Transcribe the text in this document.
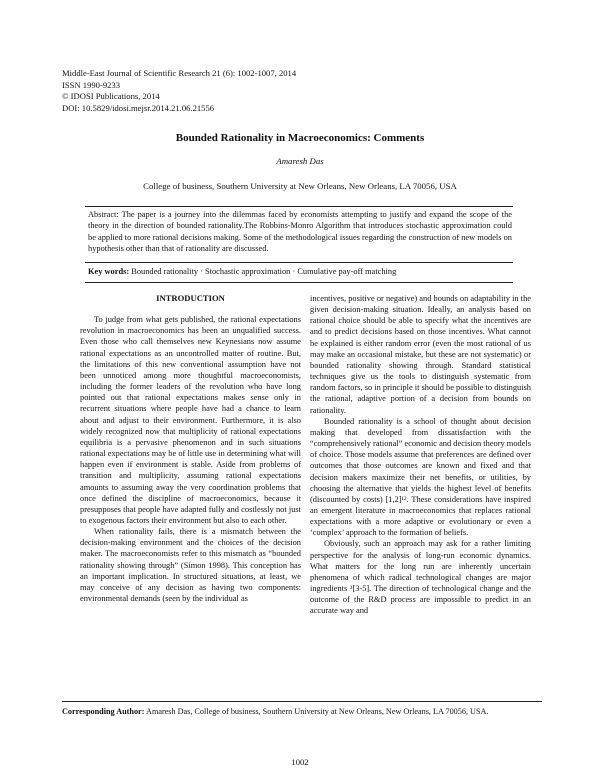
Middle-East Journal of Scientific Research 21 (6): 1002-1007, 2014
ISSN 1990-9233
© IDOSI Publications, 2014
DOI: 10.5829/idosi.mejsr.2014.21.06.21556
Bounded Rationality in Macroeconomics: Comments
Amaresh Das
College of business, Southern University at New Orleans, New Orleans, LA 70056, USA
Abstract: The paper is a journey into the dilemmas faced by economists attempting to justify and expand the scope of the theory in the direction of bounded rationality.The Robbins-Monro Algorithm that introduces stochastic approximation could be applied to more rational decisions making. Some of the methodological issues regarding the construction of new models on hypothesis other than that of rationality are discussed.
Key words: Bounded rationality · Stochastic approximation · Cumulative pay-off matching
INTRODUCTION

To judge from what gets published, the rational expectations revolution in macroeconomics has been an unqualified success. Even those who call themselves new Keynesians now assume rational expectations as an uncontrolled matter of routine. But, the limitations of this new conventional assumption have not been unnoticed among more thoughtful macroeconomists, including the former leaders of the revolution who have long pointed out that rational expectations makes sense only in recurrent situations where people have had a chance to learn about and adjust to their environment. Furthermore, it is also widely recognized now that multiplicity of rational expectations equilibria is a pervasive phenomenon and in such situations rational expectations may be of little use in determining what will happen even if environment is stable. Aside from problems of transition and multiplicity, assuming rational expectations amounts to assuming away the very coordination problems that once defined the discipline of macroeconomics, because it presupposes that people have adapted fully and costlessly not just to exogenous factors their environment but also to each other.

When rationality fails, there is a mismatch between the decision-making environment and the choices of the decision maker. The macroeconomists refer to this mismatch as “bounded rationality showing through” (Simon 1998). This conception has an important implication. In structured situations, at least, we may conceive of any decision as having two components: environmental demands (seen by the individual as

incentives, positive or negative) and bounds on adaptability in the given decision-making situation. Ideally, an analysis based on rational choice should be able to specify what the incentives are and to predict decisions based on those incentives. What cannot be explained is either random error (even the most rational of us may make an occasional mistake, but these are not systematic) or bounded rationality showing through. Standard statistical techniques give us the tools to distinguish systematic from random factors, so in principle it should be possible to distinguish the rational, adaptive portion of a decision from bounds on rationality.

Bounded rationality is a school of thought about decision making that developed from dissatisfaction with the “comprehensively rational” economic and decision theory models of choice. Those models assume that preferences are defined over outcomes that those outcomes are known and fixed and that decision makers maximize their net benefits, or utilities, by choosing the alternative that yields the highest level of benefits (discounted by costs) [1,2]¹². These considerations have inspired an emergent literature in macroeconomics that replaces rational expectations with a more adaptive or evolutionary or even a ‘complex’ approach to the formation of beliefs.

Obviously, such an approach may ask for a rather limiting perspective for the analysis of long-run economic dynamics. What matters for the long run are inherently uncertain phenomena of which radical technological changes are major ingredients ³[3-5]. The direction of technological change and the outcome of the R&D process are impossible to predict in an accurate way and

Corresponding Author: Amaresh Das, College of business, Southern University at New Orleans, New Orleans, LA 70056, USA.
1002
